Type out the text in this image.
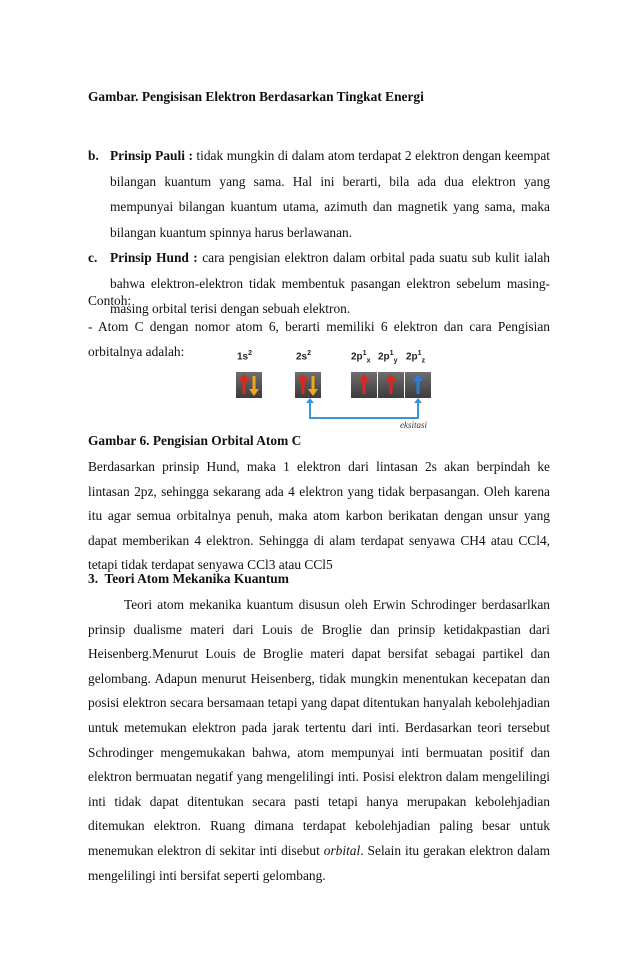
Gambar. Pengisisan Elektron Berdasarkan Tingkat Energi
b. Prinsip Pauli : tidak mungkin di dalam atom terdapat 2 elektron dengan keempat bilangan kuantum yang sama. Hal ini berarti, bila ada dua elektron yang mempunyai bilangan kuantum utama, azimuth dan magnetik yang sama, maka bilangan kuantum spinnya harus berlawanan.
c. Prinsip Hund : cara pengisian elektron dalam orbital pada suatu sub kulit ialah bahwa elektron-elektron tidak membentuk pasangan elektron sebelum masing-masing orbital terisi dengan sebuah elektron.
Contoh:
- Atom C dengan nomor atom 6, berarti memiliki 6 elektron dan cara Pengisian orbitalnya adalah:	$1s^2$	$2s^2$	$2p^1_x$ $2p^1_y$ $2p^1_z$
eksitasi
Gambar 6. Pengisian Orbital Atom C
Berdasarkan prinsip Hund, maka 1 elektron dari lintasan 2s akan berpindah ke lintasan 2pz, sehingga sekarang ada 4 elektron yang tidak berpasangan. Oleh karena itu agar semua orbitalnya penuh, maka atom karbon berikatan dengan unsur yang dapat memberikan 4 elektron. Sehingga di alam terdapat senyawa CH4 atau CCl4, tetapi tidak terdapat senyawa CCl3 atau CCl5
3. Teori Atom Mekanika Kuantum
Teori atom mekanika kuantum disusun oleh Erwin Schrodinger berdasarlkan prinsip dualisme materi dari Louis de Broglie dan prinsip ketidakpastian dari Heisenberg.Menurut Louis de Broglie materi dapat bersifat sebagai partikel dan gelombang. Adapun menurut Heisenberg, tidak mungkin menentukan kecepatan dan posisi elektron secara bersamaan tetapi yang dapat ditentukan hanyalah kebolehjadian untuk metemukan elektron pada jarak tertentu dari inti. Berdasarkan teori tersebut Schrodinger mengemukakan bahwa, atom mempunyai inti bermuatan positif dan elektron bermuatan negatif yang mengelilingi inti. Posisi elektron dalam mengelilingi inti tidak dapat ditentukan secara pasti tetapi hanya merupakan kebolehjadian ditemukan elektron. Ruang dimana terdapat kebolehjadian paling besar untuk menemukan elektron di sekitar inti disebut orbital. Selain itu gerakan elektron dalam mengelilingi inti bersifat seperti gelombang.
